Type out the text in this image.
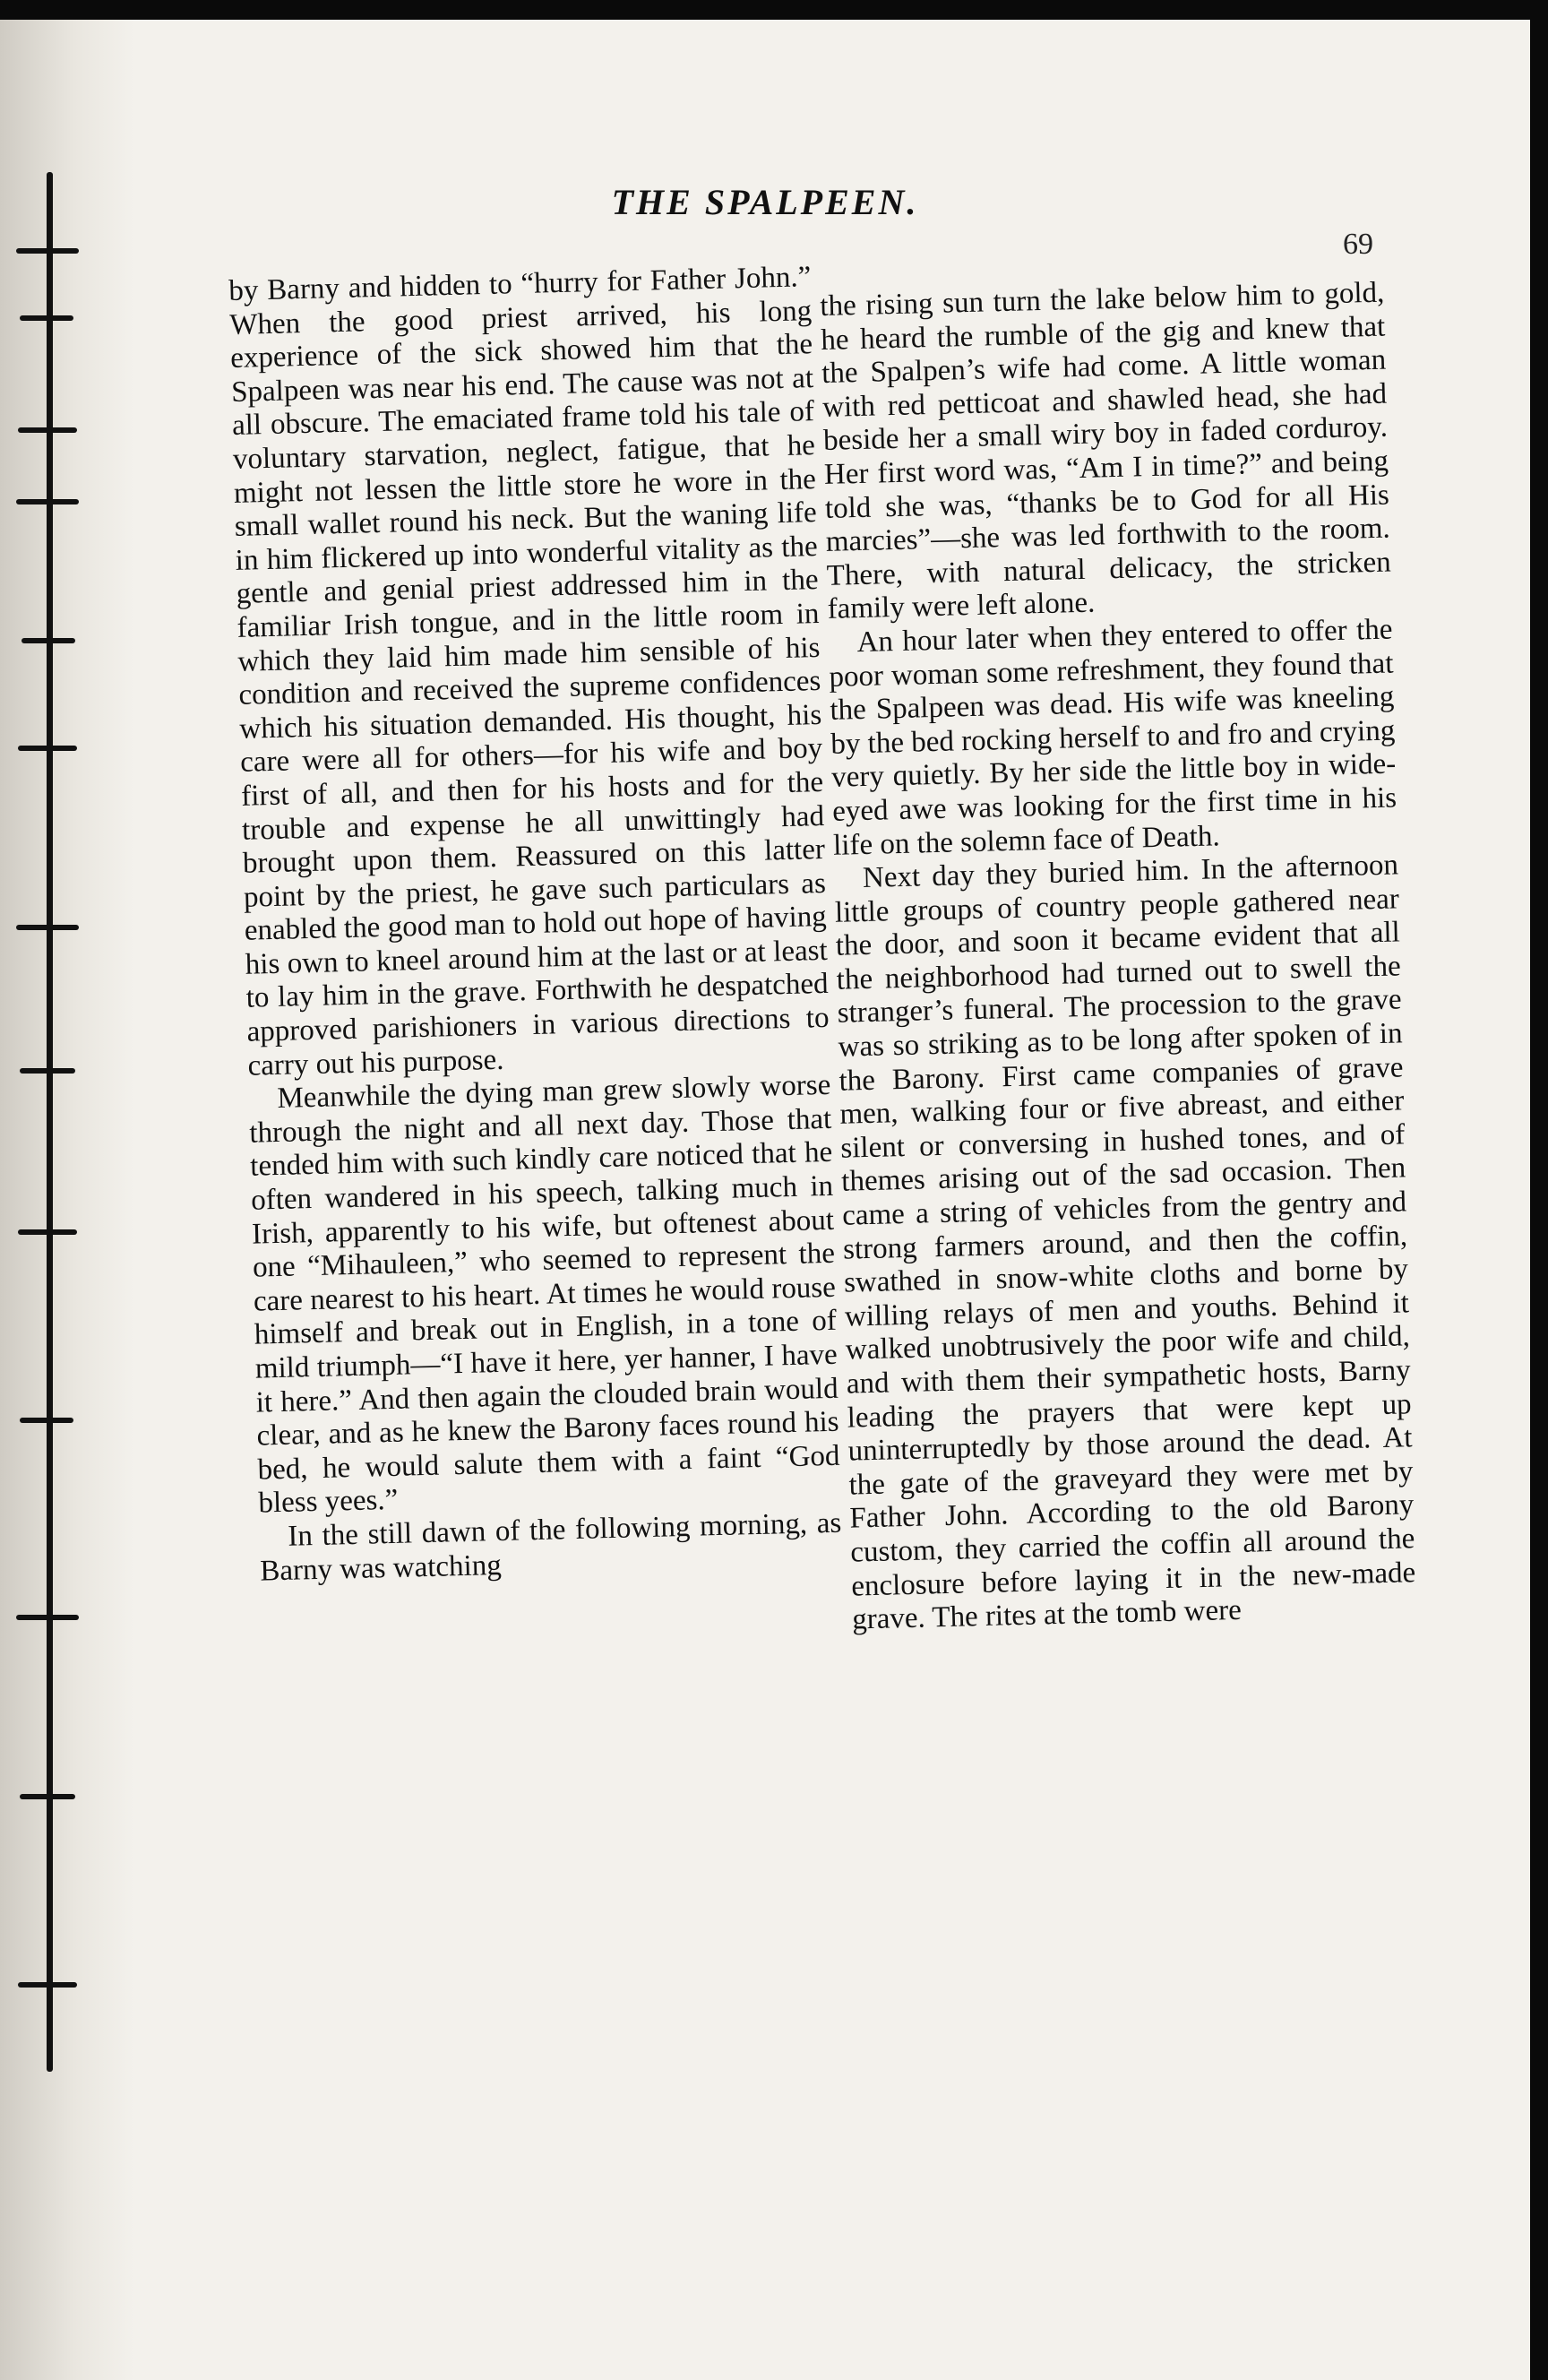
THE SPALPEEN.
69

by Barny and hidden to “hurry for Father John.” When the good priest arrived, his long experience of the sick showed him that the Spalpeen was near his end. The cause was not at all obscure. The emaciated frame told his tale of voluntary starvation, neglect, fatigue, that he might not lessen the little store he wore in the small wallet round his neck. But the waning life in him flickered up into wonderful vitality as the gentle and genial priest addressed him in the familiar Irish tongue, and in the little room in which they laid him made him sensible of his condition and received the supreme confidences which his situation demanded. His thought, his care were all for others—for his wife and boy first of all, and then for his hosts and for the trouble and expense he all unwittingly had brought upon them. Reassured on this latter point by the priest, he gave such particulars as enabled the good man to hold out hope of having his own to kneel around him at the last or at least to lay him in the grave. Forthwith he despatched approved parishioners in various directions to carry out his purpose.

Meanwhile the dying man grew slowly worse through the night and all next day. Those that tended him with such kindly care noticed that he often wandered in his speech, talking much in Irish, apparently to his wife, but oftenest about one “Mihauleen,” who seemed to represent the care nearest to his heart. At times he would rouse himself and break out in English, in a tone of mild triumph—“I have it here, yer hanner, I have it here.” And then again the clouded brain would clear, and as he knew the Barony faces round his bed, he would salute them with a faint “God bless yees.”

In the still dawn of the following morning, as Barny was watching

the rising sun turn the lake below him to gold, he heard the rumble of the gig and knew that the Spalpen’s wife had come. A little woman with red petticoat and shawled head, she had beside her a small wiry boy in faded corduroy. Her first word was, “Am I in time?” and being told she was, “thanks be to God for all His marcies”—she was led forthwith to the room. There, with natural delicacy, the stricken family were left alone.

An hour later when they entered to offer the poor woman some refreshment, they found that the Spalpeen was dead. His wife was kneeling by the bed rocking herself to and fro and crying very quietly. By her side the little boy in wide-eyed awe was looking for the first time in his life on the solemn face of Death.

Next day they buried him. In the afternoon little groups of country people gathered near the door, and soon it became evident that all the neighborhood had turned out to swell the stranger’s funeral. The procession to the grave was so striking as to be long after spoken of in the Barony. First came companies of grave men, walking four or five abreast, and either silent or conversing in hushed tones, and of themes arising out of the sad occasion. Then came a string of vehicles from the gentry and strong farmers around, and then the coffin, swathed in snow-white cloths and borne by willing relays of men and youths. Behind it walked unobtrusively the poor wife and child, and with them their sympathetic hosts, Barny leading the prayers that were kept up uninterruptedly by those around the dead. At the gate of the graveyard they were met by Father John. According to the old Barony custom, they carried the coffin all around the enclosure before laying it in the new-made grave. The rites at the tomb were
